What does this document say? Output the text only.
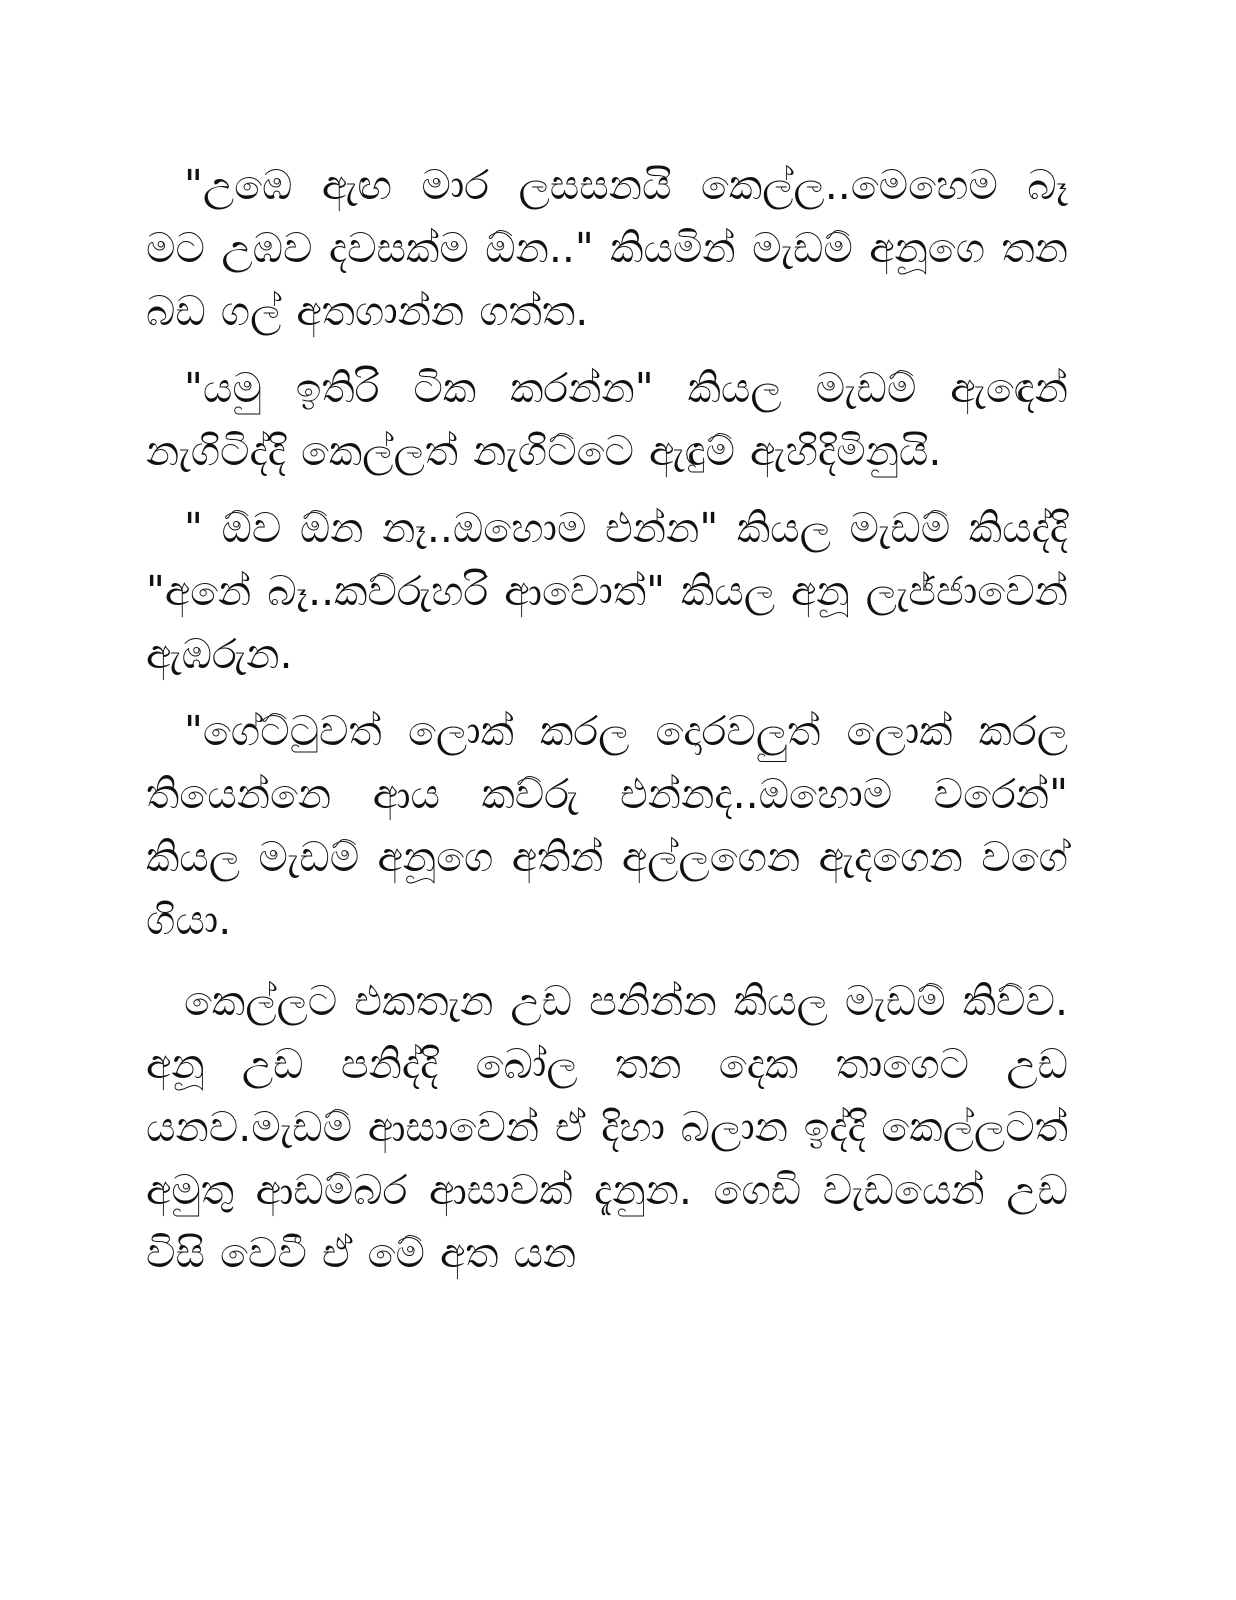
"උඹෙ ඇඟ මාර ලසසනයි කෙල්ල..මෙහෙම බෑ මට උඹව දවසක්ම ඕන.." කියමින් මැඩම් අනූගෙ තන බඩ ගල් අතගාන්න ගත්ත.

"යමු ඉතිරි ටික කරන්න" කියල මැඩම් ඇඳෙන් නැගිටිද්දි කෙල්ලත් නැගිට්ටෙ ඇඳුම් ඇහිදිමිනුයි.

" ඕව ඕන නෑ..ඔහොම එන්න" කියල මැඩම් කියද්දි "අනේ බෑ..කව්රුහරි ආවොත්" කියල අනූ ලැජ්ජාවෙන් ඇඹරුන.

"ගේට්ටුවත් ලොක් කරල දොරවලුත් ලොක් කරල තියෙන්නෙ ආය කව්රු එන්නද..ඔහොම වරෙන්" කියල මැඩම් අනූගෙ අතින් අල්ලගෙන ඇදගෙන වගේ ගියා.

කෙල්ලට එකතැන උඩ පනින්න කියල මැඩම් කිව්ව. අනූ උඩ පනිද්දි බෝල තන දෙක තාගෙට උඩ යනව.මැඩම් ආසාවෙන් ඒ දිහා බලාන ඉද්දි කෙල්ලටත් අමුතු ආඩම්බර ආසාවක් දැනුන. ගෙඩි වැඩයෙන් උඩ විසි වෙවී ඒ මේ අත යන
